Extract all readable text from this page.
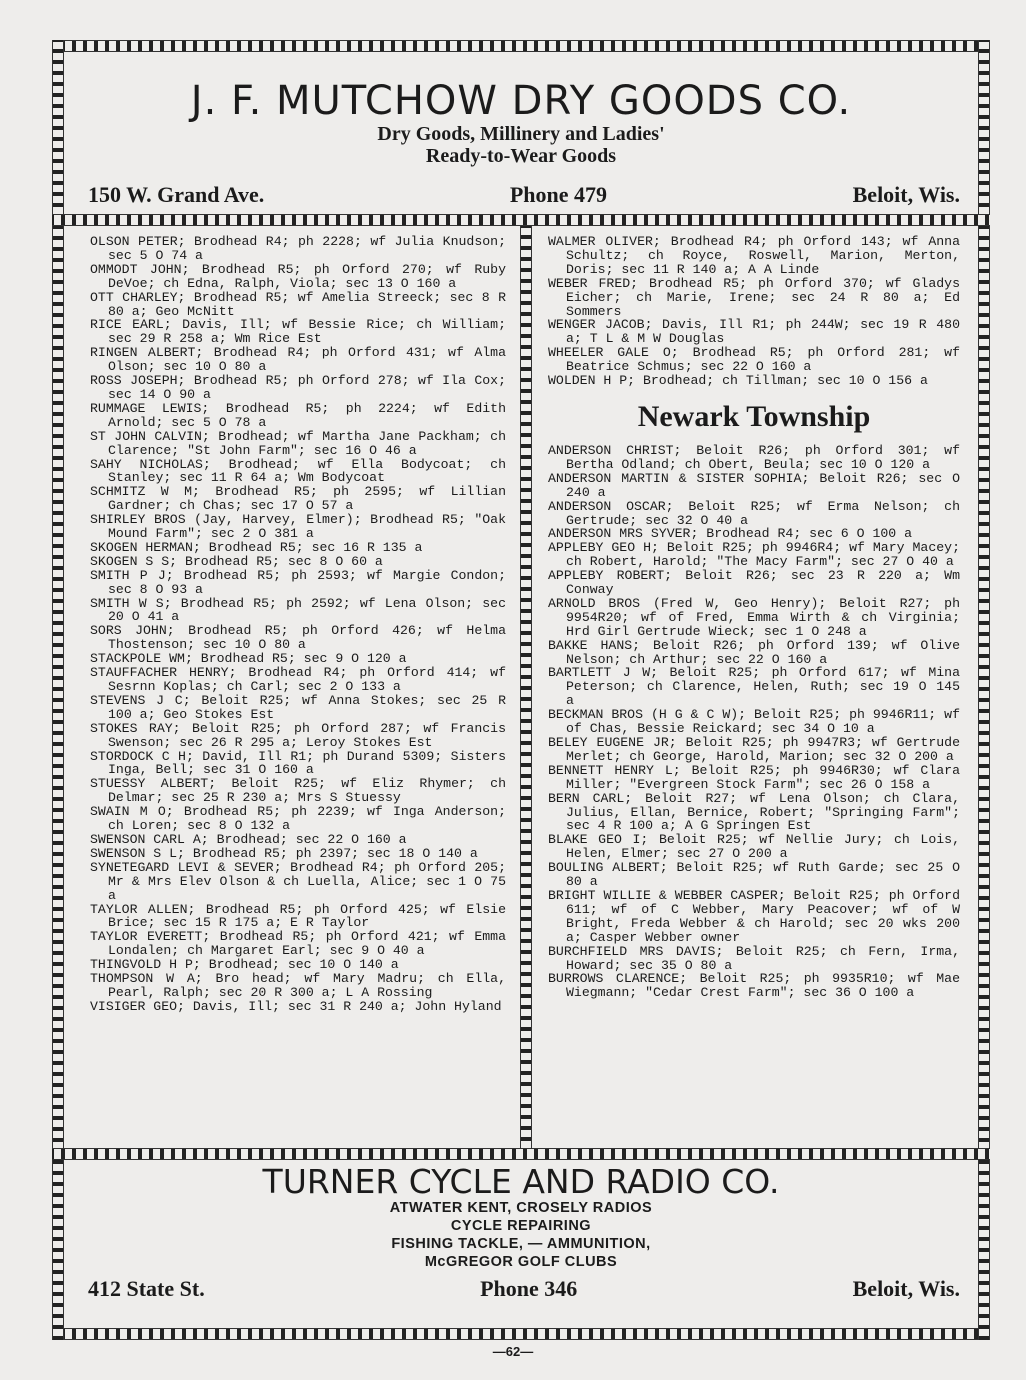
J. F. MUTCHOW DRY GOODS CO.
Dry Goods, Millinery and Ladies'
Ready-to-Wear Goods
150 W. Grand Ave.	Phone 479	Beloit, Wis.

OLSON PETER; Brodhead R4; ph 2228; wf Julia Knudson; sec 5 O 74 a

OMMODT JOHN; Brodhead R5; ph Orford 270; wf Ruby DeVoe; ch Edna, Ralph, Viola; sec 13 O 160 a

OTT CHARLEY; Brodhead R5; wf Amelia Streeck; sec 8 R 80 a; Geo McNitt

RICE EARL; Davis, Ill; wf Bessie Rice; ch William; sec 29 R 258 a; Wm Rice Est

RINGEN ALBERT; Brodhead R4; ph Orford 431; wf Alma Olson; sec 10 O 80 a

ROSS JOSEPH; Brodhead R5; ph Orford 278; wf Ila Cox; sec 14 O 90 a

RUMMAGE LEWIS; Brodhead R5; ph 2224; wf Edith Arnold; sec 5 O 78 a

ST JOHN CALVIN; Brodhead; wf Martha Jane Packham; ch Clarence; "St John Farm"; sec 16 O 46 a

SAHY NICHOLAS; Brodhead; wf Ella Bodycoat; ch Stanley; sec 11 R 64 a; Wm Bodycoat

SCHMITZ W M; Brodhead R5; ph 2595; wf Lillian Gardner; ch Chas; sec 17 O 57 a

SHIRLEY BROS (Jay, Harvey, Elmer); Brodhead R5; "Oak Mound Farm"; sec 2 O 381 a

SKOGEN HERMAN; Brodhead R5; sec 16 R 135 a

SKOGEN S S; Brodhead R5; sec 8 O 60 a

SMITH P J; Brodhead R5; ph 2593; wf Margie Condon; sec 8 O 93 a

SMITH W S; Brodhead R5; ph 2592; wf Lena Olson; sec 20 O 41 a

SORS JOHN; Brodhead R5; ph Orford 426; wf Helma Thostenson; sec 10 O 80 a

STACKPOLE WM; Brodhead R5; sec 9 O 120 a

STAUFFACHER HENRY; Brodhead R4; ph Orford 414; wf Sesrnn Koplas; ch Carl; sec 2 O 133 a

STEVENS J C; Beloit R25; wf Anna Stokes; sec 25 R 100 a; Geo Stokes Est

STOKES RAY; Beloit R25; ph Orford 287; wf Francis Swenson; sec 26 R 295 a; Leroy Stokes Est

STORDOCK C H; David, Ill R1; ph Durand 5309; Sisters Inga, Bell; sec 31 O 160 a

STUESSY ALBERT; Beloit R25; wf Eliz Rhymer; ch Delmar; sec 25 R 230 a; Mrs S Stuessy

SWAIN M O; Brodhead R5; ph 2239; wf Inga Anderson; ch Loren; sec 8 O 132 a

SWENSON CARL A; Brodhead; sec 22 O 160 a

SWENSON S L; Brodhead R5; ph 2397; sec 18 O 140 a

SYNETEGARD LEVI & SEVER; Brodhead R4; ph Orford 205; Mr & Mrs Elev Olson & ch Luella, Alice; sec 1 O 75 a

TAYLOR ALLEN; Brodhead R5; ph Orford 425; wf Elsie Brice; sec 15 R 175 a; E R Taylor

TAYLOR EVERETT; Brodhead R5; ph Orford 421; wf Emma Londalen; ch Margaret Earl; sec 9 O 40 a

THINGVOLD H P; Brodhead; sec 10 O 140 a

THOMPSON W A; Bro head; wf Mary Madru; ch Ella, Pearl, Ralph; sec 20 R 300 a; L A Rossing

VISIGER GEO; Davis, Ill; sec 31 R 240 a; John Hyland

WALMER OLIVER; Brodhead R4; ph Orford 143; wf Anna Schultz; ch Royce, Roswell, Marion, Merton, Doris; sec 11 R 140 a; A A Linde

WEBER FRED; Brodhead R5; ph Orford 370; wf Gladys Eicher; ch Marie, Irene; sec 24 R 80 a; Ed Sommers

WENGER JACOB; Davis, Ill R1; ph 244W; sec 19 R 480 a; T L & M W Douglas

WHEELER GALE O; Brodhead R5; ph Orford 281; wf Beatrice Schmus; sec 22 O 160 a

WOLDEN H P; Brodhead; ch Tillman; sec 10 O 156 a

Newark Township

ANDERSON CHRIST; Beloit R26; ph Orford 301; wf Bertha Odland; ch Obert, Beula; sec 10 O 120 a

ANDERSON MARTIN & SISTER SOPHIA; Beloit R26; sec O 240 a

ANDERSON OSCAR; Beloit R25; wf Erma Nelson; ch Gertrude; sec 32 O 40 a

ANDERSON MRS SYVER; Brodhead R4; sec 6 O 100 a

APPLEBY GEO H; Beloit R25; ph 9946R4; wf Mary Macey; ch Robert, Harold; "The Macy Farm"; sec 27 O 40 a

APPLEBY ROBERT; Beloit R26; sec 23 R 220 a; Wm Conway

ARNOLD BROS (Fred W, Geo Henry); Beloit R27; ph 9954R20; wf of Fred, Emma Wirth & ch Virginia; Hrd Girl Gertrude Wieck; sec 1 O 248 a

BAKKE HANS; Beloit R26; ph Orford 139; wf Olive Nelson; ch Arthur; sec 22 O 160 a

BARTLETT J W; Beloit R25; ph Orford 617; wf Mina Peterson; ch Clarence, Helen, Ruth; sec 19 O 145 a

BECKMAN BROS (H G & C W); Beloit R25; ph 9946R11; wf of Chas, Bessie Reickard; sec 34 O 10 a

BELEY EUGENE JR; Beloit R25; ph 9947R3; wf Gertrude Merlet; ch George, Harold, Marion; sec 32 O 200 a

BENNETT HENRY L; Beloit R25; ph 9946R30; wf Clara Miller; "Evergreen Stock Farm"; sec 26 O 158 a

BERN CARL; Beloit R27; wf Lena Olson; ch Clara, Julius, Ellan, Bernice, Robert; "Springing Farm"; sec 4 R 100 a; A G Springen Est

BLAKE GEO I; Beloit R25; wf Nellie Jury; ch Lois, Helen, Elmer; sec 27 O 200 a

BOULING ALBERT; Beloit R25; wf Ruth Garde; sec 25 O 80 a

BRIGHT WILLIE & WEBBER CASPER; Beloit R25; ph Orford 611; wf of C Webber, Mary Peacover; wf of W Bright, Freda Webber & ch Harold; sec 20 wks 200 a; Casper Webber owner

BURCHFIELD MRS DAVIS; Beloit R25; ch Fern, Irma, Howard; sec 35 O 80 a

BURROWS CLARENCE; Beloit R25; ph 9935R10; wf Mae Wiegmann; "Cedar Crest Farm"; sec 36 O 100 a

TURNER CYCLE AND RADIO CO.
ATWATER KENT, CROSELY RADIOS
CYCLE REPAIRING
FISHING TACKLE, — AMMUNITION,
McGREGOR GOLF CLUBS
412 State St.	Phone 346	Beloit, Wis.
—62—
